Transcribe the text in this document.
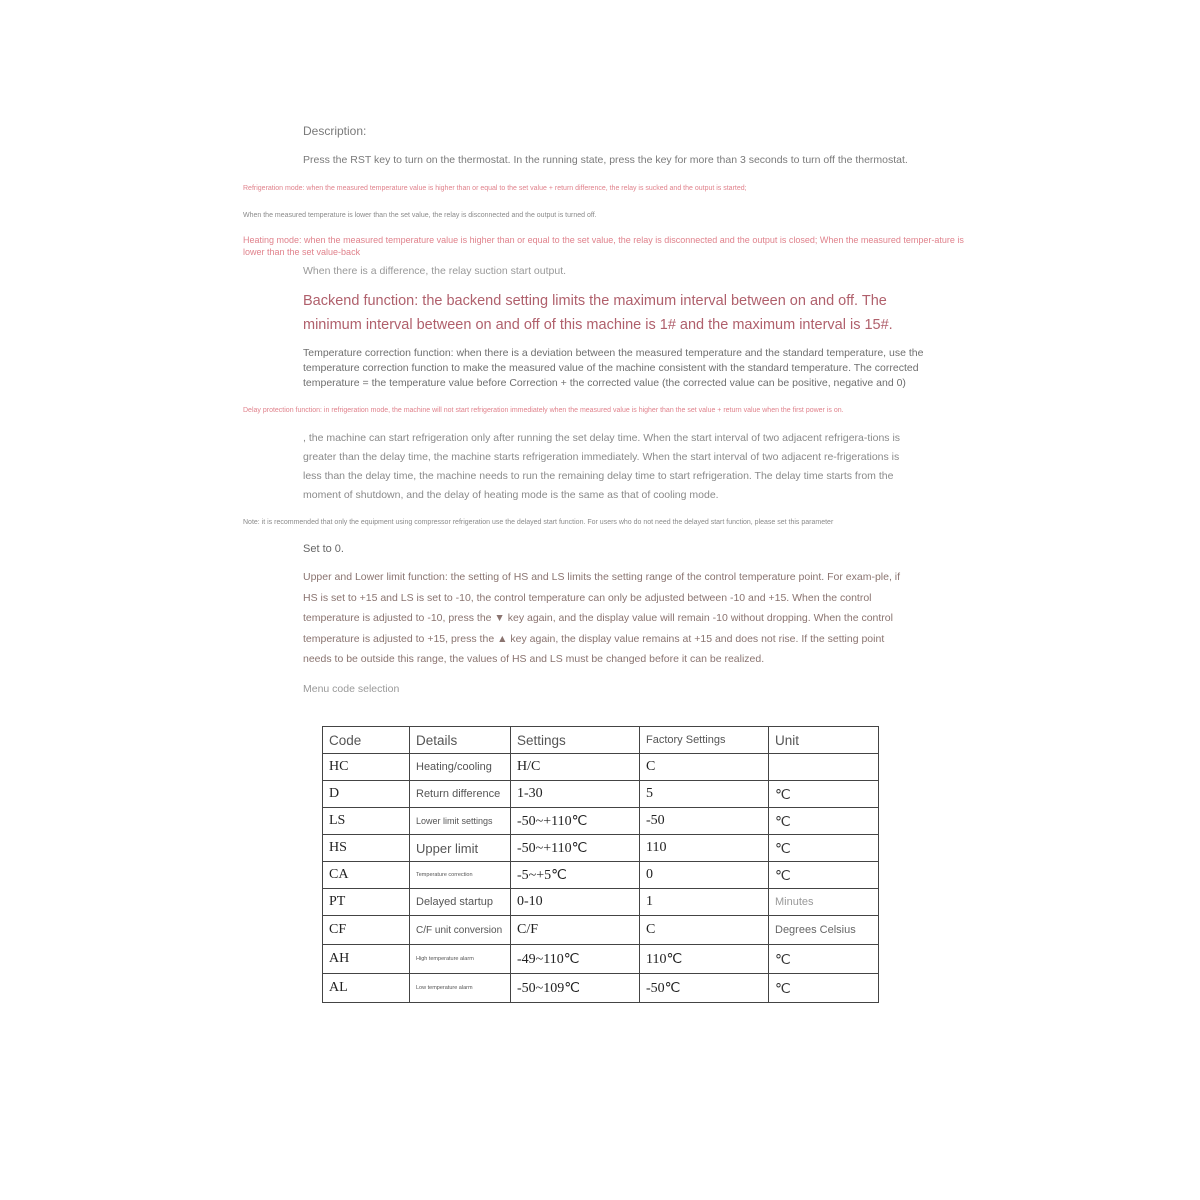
Description:

Press the RST key to turn on the thermostat. In the running state, press the key for more than 3 seconds to turn off the thermostat.

Refrigeration mode: when the measured temperature value is higher than or equal to the set value + return difference, the relay is sucked and the output is started;

When the measured temperature is lower than the set value, the relay is disconnected and the output is turned off.

Heating mode: when the measured temperature value is higher than or equal to the set value, the relay is disconnected and the output is closed; When the measured temper-ature is lower than the set value-back

When there is a difference, the relay suction start output.

Backend function: the backend setting limits the maximum interval between on and off. The minimum interval between on and off of this machine is 1# and the maximum interval is 15#.

Temperature correction function: when there is a deviation between the measured temperature and the standard temperature, use the temperature correction function to make the measured value of the machine consistent with the standard temperature. The corrected temperature = the temperature value before Correction + the corrected value (the corrected value can be positive, negative and 0)

Delay protection function: in refrigeration mode, the machine will not start refrigeration immediately when the measured value is higher than the set value + return value when the first power is on.

, the machine can start refrigeration only after running the set delay time. When the start interval of two adjacent refrigera-tions is greater than the delay time, the machine starts refrigeration immediately. When the start interval of two adjacent re-frigerations is less than the delay time, the machine needs to run the remaining delay time to start refrigeration. The delay time starts from the moment of shutdown, and the delay of heating mode is the same as that of cooling mode.

Note: it is recommended that only the equipment using compressor refrigeration use the delayed start function. For users who do not need the delayed start function, please set this parameter

Set to 0.

Upper and Lower limit function: the setting of HS and LS limits the setting range of the control temperature point. For exam-ple, if HS is set to +15 and LS is set to -10, the control temperature can only be adjusted between -10 and +15. When the control temperature is adjusted to -10, press the ▼ key again, and the display value will remain -10 without dropping. When the control temperature is adjusted to +15, press the ▲ key again, the display value remains at +15 and does not rise. If the setting point needs to be outside this range, the values of HS and LS must be changed before it can be realized.

Menu code selection

Code	Details	Settings	Factory Settings	Unit
HC	Heating/cooling	H/C	C	
D	Return difference	1-30	5	℃
LS	Lower limit settings	-50~+110℃	-50	℃
HS	Upper limit	-50~+110℃	110	℃
CA	Temperature correction	-5~+5℃	0	℃
PT	Delayed startup	0-10	1	Minutes
CF	C/F unit conversion	C/F	C	Degrees Celsius
AH	High temperature alarm	-49~110℃	110℃	℃
AL	Low temperature alarm	-50~109℃	-50℃	℃
